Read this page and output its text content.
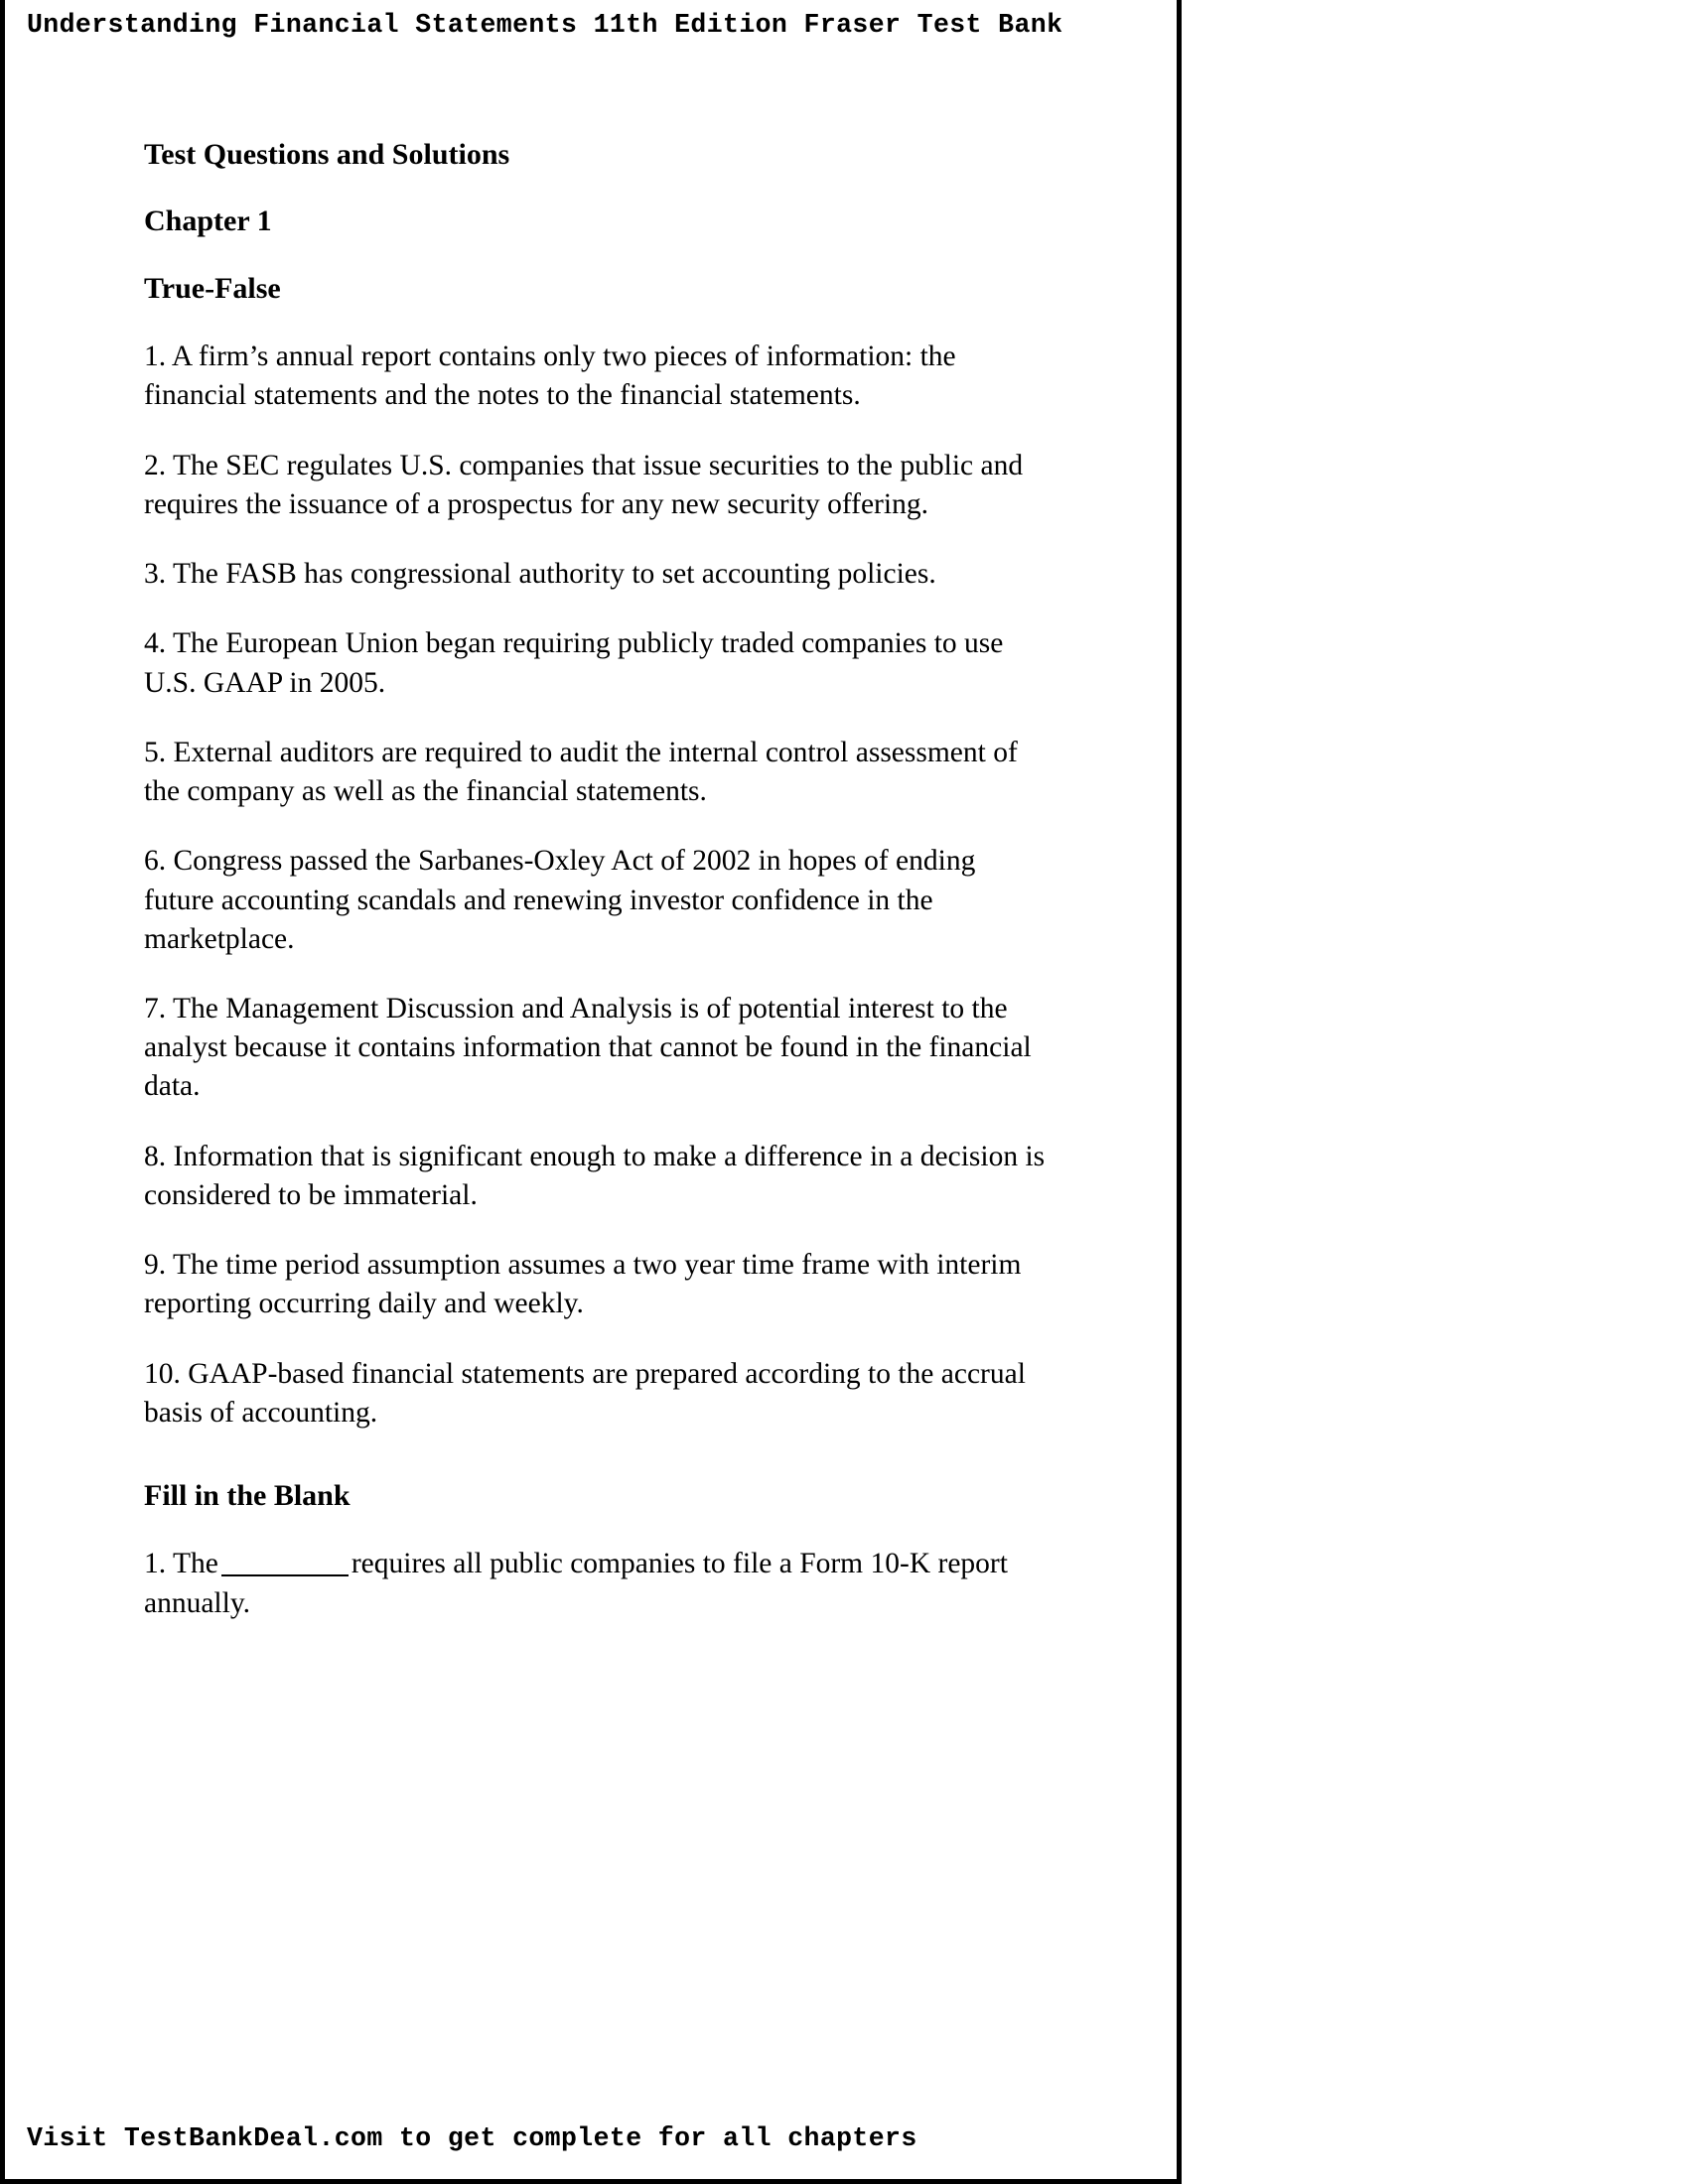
Understanding Financial Statements 11th Edition Fraser Test Bank
Test Questions and Solutions
Chapter 1
True-False

1. A firm’s annual report contains only two pieces of information: the financial statements and the notes to the financial statements.

2. The SEC regulates U.S. companies that issue securities to the public and requires the issuance of a prospectus for any new security offering.

3. The FASB has congressional authority to set accounting policies.

4. The European Union began requiring publicly traded companies to use U.S. GAAP in 2005.

5. External auditors are required to audit the internal control assessment of the company as well as the financial statements.

6. Congress passed the Sarbanes-Oxley Act of 2002 in hopes of ending future accounting scandals and renewing investor confidence in the marketplace.

7. The Management Discussion and Analysis is of potential interest to the analyst because it contains information that cannot be found in the financial data.

8. Information that is significant enough to make a difference in a decision is considered to be immaterial.

9. The time period assumption assumes a two year time frame with interim reporting occurring daily and weekly.

10. GAAP-based financial statements are prepared according to the accrual basis of accounting.

Fill in the Blank

1. The	requires all public companies to file a Form 10-K report annually.

Visit TestBankDeal.com to get complete for all chapters
